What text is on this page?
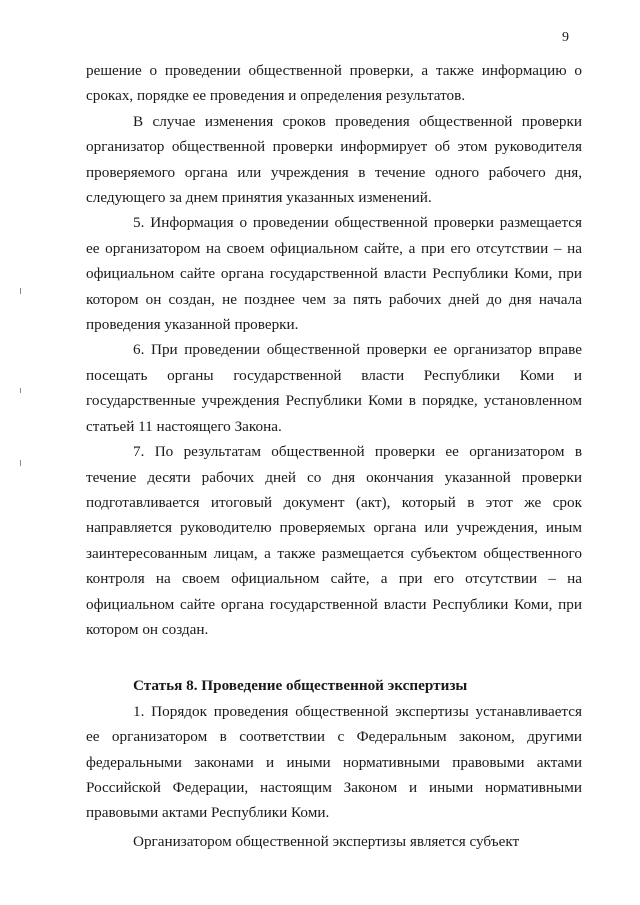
9

решение о проведении общественной проверки, а также информацию о сроках, порядке ее проведения и определения результатов.

В случае изменения сроков проведения общественной проверки организатор общественной проверки информирует об этом руководителя проверяемого органа или учреждения в течение одного рабочего дня, следующего за днем принятия указанных изменений.

5. Информация о проведении общественной проверки размещается ее организатором на своем официальном сайте, а при его отсутствии – на официальном сайте органа государственной власти Республики Коми, при котором он создан, не позднее чем за пять рабочих дней до дня начала проведения указанной проверки.

6. При проведении общественной проверки ее организатор вправе посещать органы государственной власти Республики Коми и государственные учреждения Республики Коми в порядке, установленном статьей 11 настоящего Закона.

7. По результатам общественной проверки ее организатором в течение десяти рабочих дней со дня окончания указанной проверки подготавливается итоговый документ (акт), который в этот же срок направляется руководителю проверяемых органа или учреждения, иным заинтересованным лицам, а также размещается субъектом общественного контроля на своем официальном сайте, а при его отсутствии – на официальном сайте органа государственной власти Республики Коми, при котором он создан.

Статья 8. Проведение общественной экспертизы

1. Порядок проведения общественной экспертизы устанавливается ее организатором в соответствии с Федеральным законом, другими федеральными законами и иными нормативными правовыми актами Российской Федерации, настоящим Законом и иными нормативными правовыми актами Республики Коми.

Организатором общественной экспертизы является субъект
